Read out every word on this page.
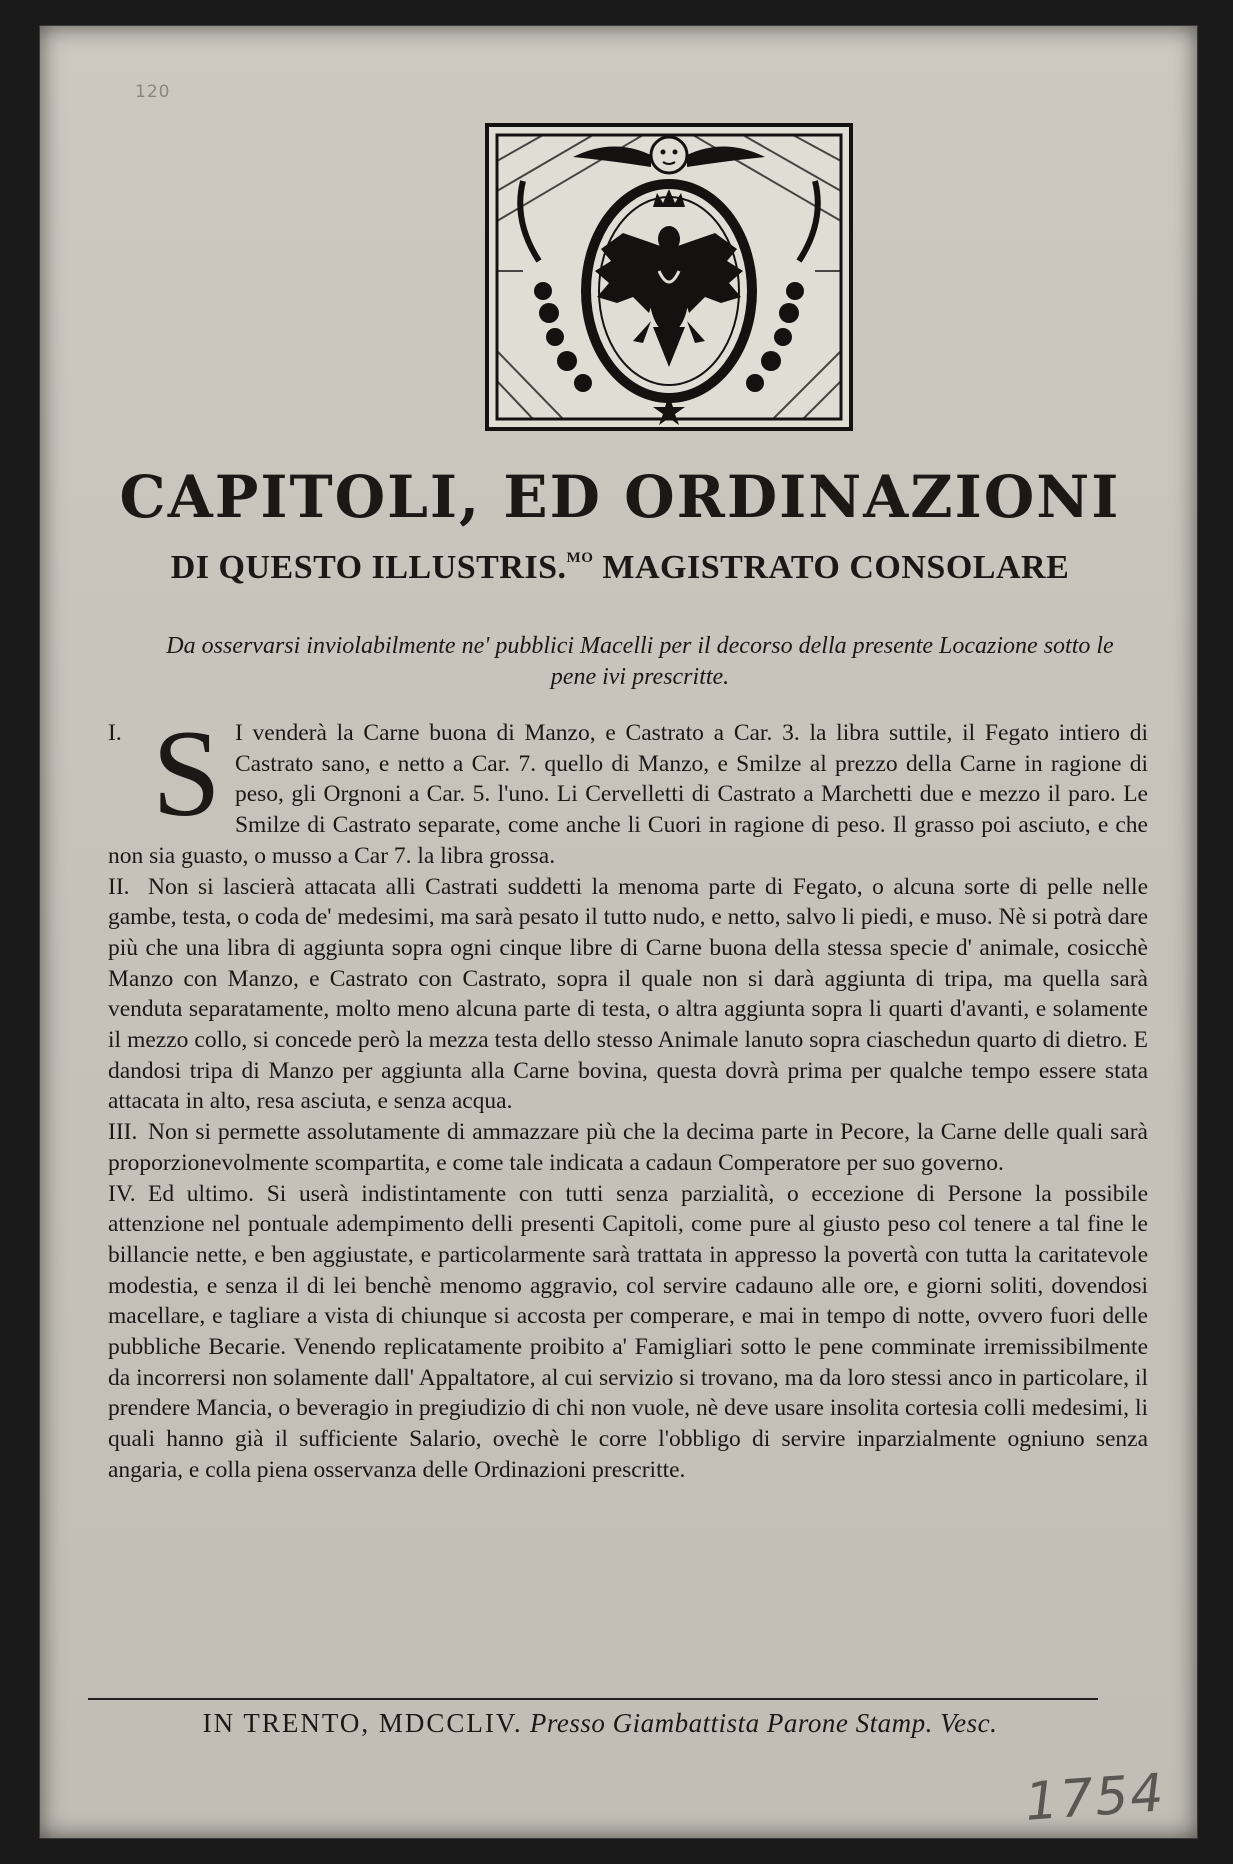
120
CAPITOLI, ED ORDINAZIONI
DI QUESTO ILLUSTRIS.$^{MO}$ MAGISTRATO CONSOLARE

Da osservarsi inviolabilmente ne' pubblici Macelli per il decorso della presente Locazione sotto le pene ivi prescritte.

I. S I venderà la Carne buona di Manzo, e Castrato a Car. 3. la libra suttile, il Fegato intiero di Castrato sano, e netto a Car. 7. quello di Manzo, e Smilze al prezzo della Carne in ragione di peso, gli Orgnoni a Car. 5. l'uno. Li Cervelletti di Castrato a Marchetti due e mezzo il paro. Le Smilze di Castrato separate, come anche li Cuori in ragione di peso. Il grasso poi asciuto, e che non sia guasto, o musso a Car 7. la libra grossa.

II. Non si lascierà attacata alli Castrati suddetti la menoma parte di Fegato, o alcuna sorte di pelle nelle gambe, testa, o coda de' medesimi, ma sarà pesato il tutto nudo, e netto, salvo li piedi, e muso. Nè si potrà dare più che una libra di aggiunta sopra ogni cinque libre di Carne buona della stessa specie d' animale, cosicchè Manzo con Manzo, e Castrato con Castrato, sopra il quale non si darà aggiunta di tripa, ma quella sarà venduta separatamente, molto meno alcuna parte di testa, o altra aggiunta sopra li quarti d'avanti, e solamente il mezzo collo, si concede però la mezza testa dello stesso Animale lanuto sopra ciaschedun quarto di dietro. E dandosi tripa di Manzo per aggiunta alla Carne bovina, questa dovrà prima per qualche tempo essere stata attacata in alto, resa asciuta, e senza acqua.

III. Non si permette assolutamente di ammazzare più che la decima parte in Pecore, la Carne delle quali sarà proporzionevolmente scompartita, e come tale indicata a cadaun Comperatore per suo governo.

IV. Ed ultimo. Si userà indistintamente con tutti senza parzialità, o eccezione di Persone la possibile attenzione nel pontuale adempimento delli presenti Capitoli, come pure al giusto peso col tenere a tal fine le billancie nette, e ben aggiustate, e particolarmente sarà trattata in appresso la povertà con tutta la caritatevole modestia, e senza il di lei benchè menomo aggravio, col servire cadauno alle ore, e giorni soliti, dovendosi macellare, e tagliare a vista di chiunque si accosta per comperare, e mai in tempo di notte, ovvero fuori delle pubbliche Becarie. Venendo replicatamente proibito a' Famigliari sotto le pene comminate irremissibilmente da incorrersi non solamente dall' Appaltatore, al cui servizio si trovano, ma da loro stessi anco in particolare, il prendere Mancia, o beveragio in pregiudizio di chi non vuole, nè deve usare insolita cortesia colli medesimi, li quali hanno già il sufficiente Salario, ovechè le corre l'obbligo di servire inparzialmente ogniuno senza angaria, e colla piena osservanza delle Ordinazioni prescritte.

IN TRENTO, MDCCLIV. Presso Giambattista Parone Stamp. Vesc.

1754
